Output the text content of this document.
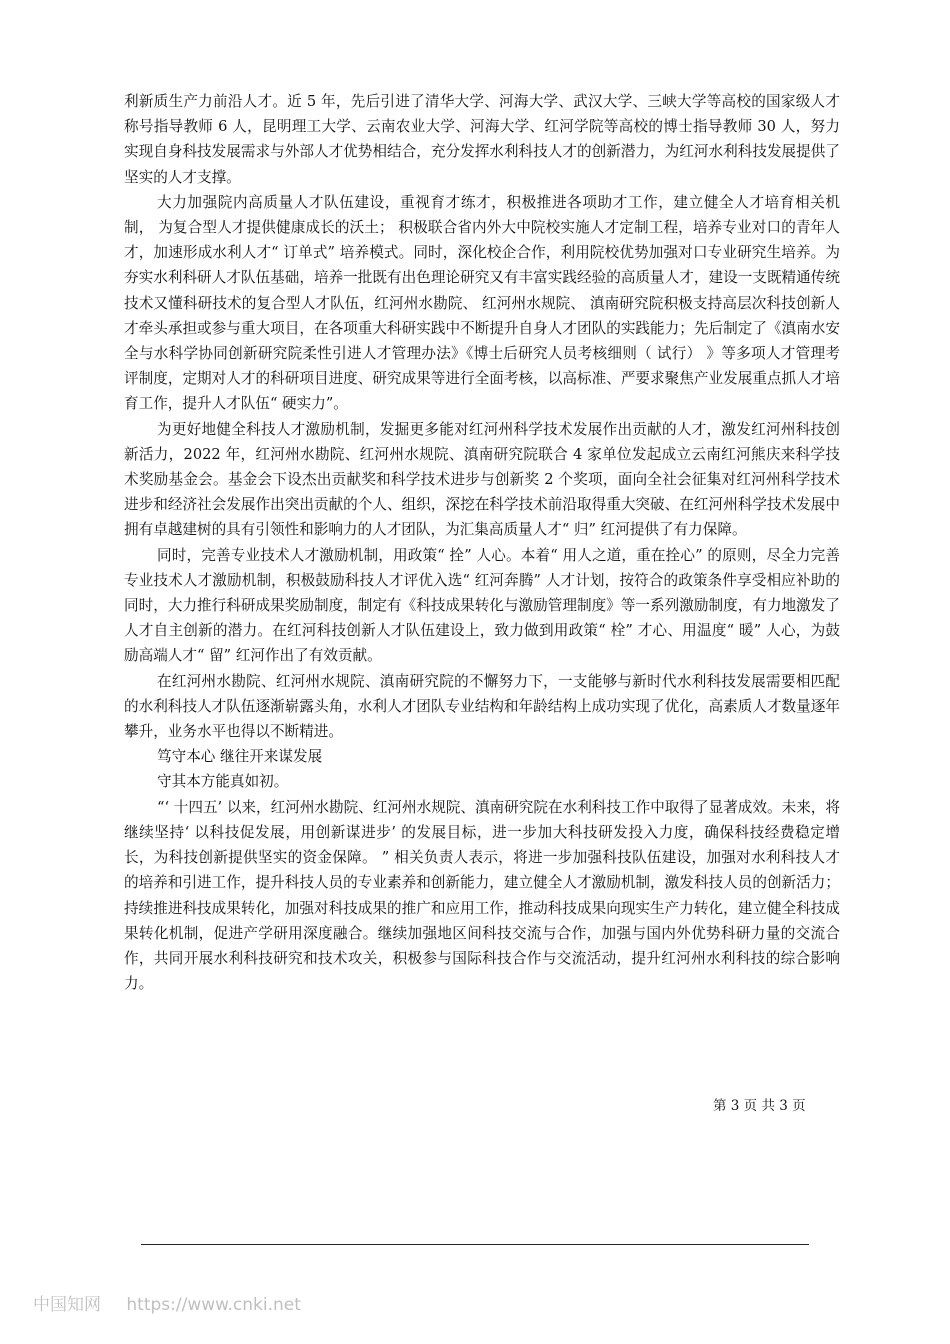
利新质生产力前沿人才。近 5 年，先后引进了清华大学、河海大学、武汉大学、三峡大学等高校的国家级人才称号指导教师 6 人，昆明理工大学、云南农业大学、河海大学、红河学院等高校的博士指导教师 30 人，努力实现自身科技发展需求与外部人才优势相结合，充分发挥水利科技人才的创新潜力，为红河水利科技发展提供了坚实的人才支撑。

大力加强院内高质量人才队伍建设，重视育才练才，积极推进各项助才工作，建立健全人才培育相关机制， 为复合型人才提供健康成长的沃土； 积极联合省内外大中院校实施人才定制工程，培养专业对口的青年人才，加速形成水利人才“ 订单式” 培养模式。同时，深化校企合作，利用院校优势加强对口专业研究生培养。为夯实水利科研人才队伍基础，培养一批既有出色理论研究又有丰富实践经验的高质量人才，建设一支既精通传统技术又懂科研技术的复合型人才队伍，红河州水勘院、 红河州水规院、 滇南研究院积极支持高层次科技创新人才牵头承担或参与重大项目，在各项重大科研实践中不断提升自身人才团队的实践能力；先后制定了《滇南水安全与水科学协同创新研究院柔性引进人才管理办法》《博士后研究人员考核细则（ 试行） 》等多项人才管理考评制度，定期对人才的科研项目进度、研究成果等进行全面考核，以高标准、严要求聚焦产业发展重点抓人才培育工作，提升人才队伍“ 硬实力”。

为更好地健全科技人才激励机制，发掘更多能对红河州科学技术发展作出贡献的人才，激发红河州科技创新活力，2022 年，红河州水勘院、红河州水规院、滇南研究院联合 4 家单位发起成立云南红河熊庆来科学技术奖励基金会。基金会下设杰出贡献奖和科学技术进步与创新奖 2 个奖项，面向全社会征集对红河州科学技术进步和经济社会发展作出突出贡献的个人、组织，深挖在科学技术前沿取得重大突破、在红河州科学技术发展中拥有卓越建树的具有引领性和影响力的人才团队，为汇集高质量人才“ 归” 红河提供了有力保障。

同时，完善专业技术人才激励机制，用政策“ 拴” 人心。本着“ 用人之道，重在拴心” 的原则，尽全力完善专业技术人才激励机制，积极鼓励科技人才评优入选“ 红河奔腾” 人才计划，按符合的政策条件享受相应补助的同时，大力推行科研成果奖励制度，制定有《科技成果转化与激励管理制度》等一系列激励制度，有力地激发了人才自主创新的潜力。在红河科技创新人才队伍建设上，致力做到用政策“ 栓” 才心、用温度“ 暖” 人心，为鼓励高端人才“ 留” 红河作出了有效贡献。

在红河州水勘院、红河州水规院、滇南研究院的不懈努力下，一支能够与新时代水利科技发展需要相匹配的水利科技人才队伍逐渐崭露头角，水利人才团队专业结构和年龄结构上成功实现了优化，高素质人才数量逐年攀升，业务水平也得以不断精进。

笃守本心 继往开来谋发展

守其本方能真如初。

“‘ 十四五’ 以来，红河州水勘院、红河州水规院、滇南研究院在水利科技工作中取得了显著成效。未来，将继续坚持‘ 以科技促发展，用创新谋进步’ 的发展目标，进一步加大科技研发投入力度，确保科技经费稳定增长，为科技创新提供坚实的资金保障。 ” 相关负责人表示，将进一步加强科技队伍建设，加强对水利科技人才的培养和引进工作，提升科技人员的专业素养和创新能力，建立健全人才激励机制，激发科技人员的创新活力；持续推进科技成果转化，加强对科技成果的推广和应用工作，推动科技成果向现实生产力转化，建立健全科技成果转化机制，促进产学研用深度融合。继续加强地区间科技交流与合作，加强与国内外优势科研力量的交流合作，共同开展水利科技研究和技术攻关，积极参与国际科技合作与交流活动，提升红河州水利科技的综合影响力。

第 3 页 共 3 页
中国知网 https://www.cnki.net
